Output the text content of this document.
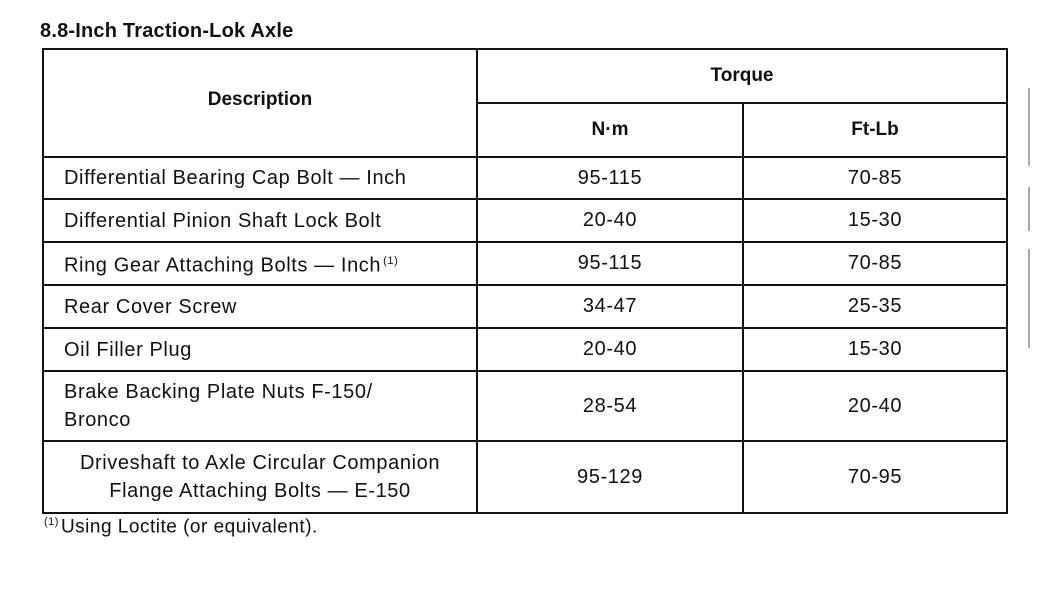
8.8-Inch Traction-Lok Axle
Description	Torque	
	N·m	Ft-Lb
Differential Bearing Cap Bolt — Inch	95-115	70-85
Differential Pinion Shaft Lock Bolt	20-40	15-30
Ring Gear Attaching Bolts — Inch $^{(1)}$	95-115	70-85
Rear Cover Screw	34-47	25-35
Oil Filler Plug	20-40	15-30

Brake Backing Plate Nuts F-150/
Bronco	28-54	20-40

Driveshaft to Axle Circular Companion
Flange Attaching Bolts — E-150	95-129	70-95
$^{(1)}$ Using Loctite (or equivalent).
